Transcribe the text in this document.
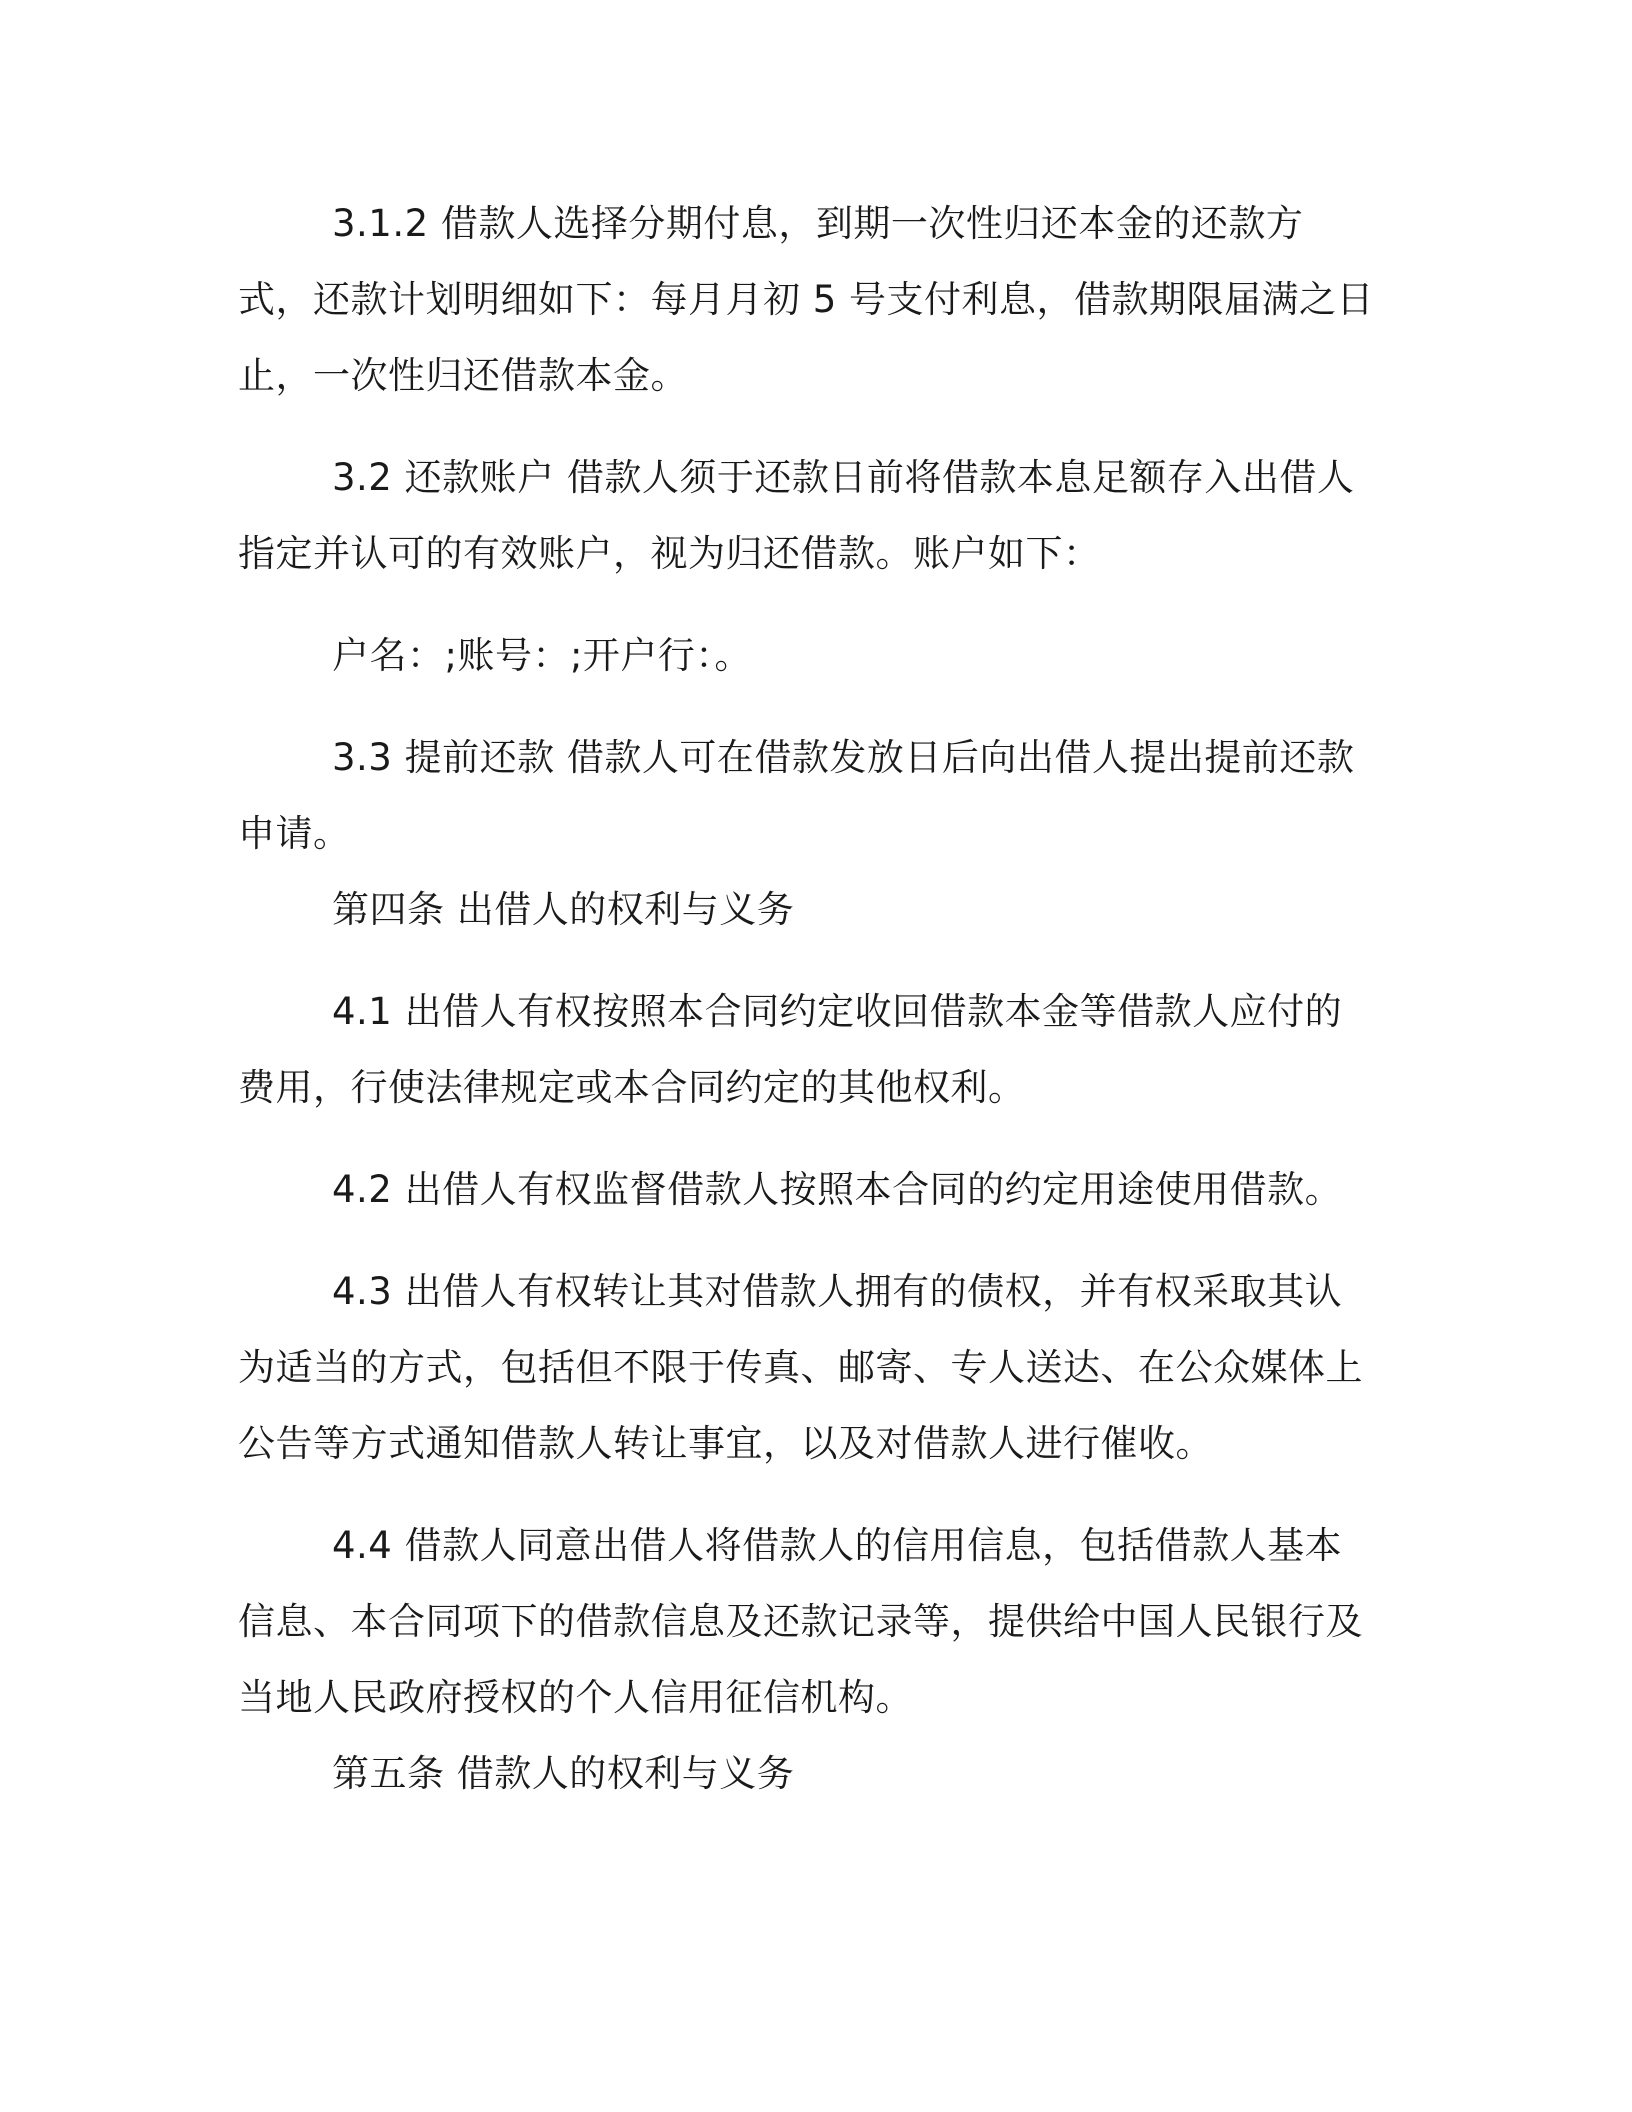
3.1.2 借款人选择分期付息，到期一次性归还本金的还款方式，还款计划明细如下：每月月初 5 号支付利息，借款期限届满之日止，一次性归还借款本金。

3.2 还款账户 借款人须于还款日前将借款本息足额存入出借人指定并认可的有效账户，视为归还借款。账户如下：

户名：;账号：;开户行：。

3.3 提前还款 借款人可在借款发放日后向出借人提出提前还款申请。

第四条 出借人的权利与义务

4.1 出借人有权按照本合同约定收回借款本金等借款人应付的费用，行使法律规定或本合同约定的其他权利。

4.2 出借人有权监督借款人按照本合同的约定用途使用借款。

4.3 出借人有权转让其对借款人拥有的债权，并有权采取其认为适当的方式，包括但不限于传真、邮寄、专人送达、在公众媒体上公告等方式通知借款人转让事宜，以及对借款人进行催收。

4.4 借款人同意出借人将借款人的信用信息，包括借款人基本信息、本合同项下的借款信息及还款记录等，提供给中国人民银行及当地人民政府授权的个人信用征信机构。

第五条 借款人的权利与义务
